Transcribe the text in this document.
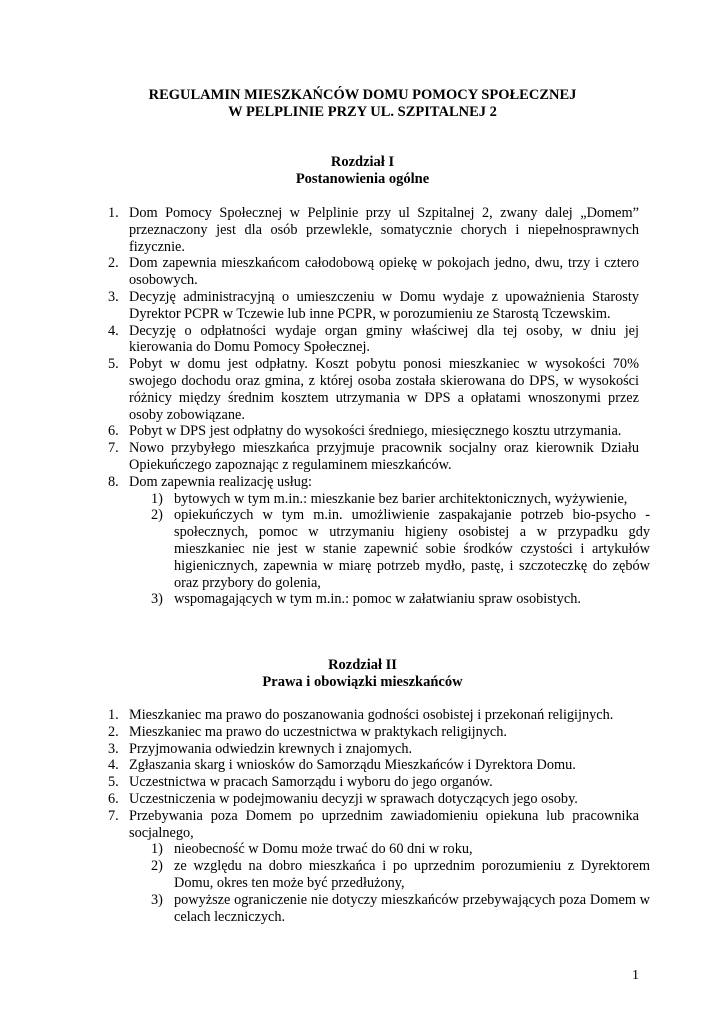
REGULAMIN MIESZKAŃCÓW DOMU POMOCY SPOŁECZNEJ
W PELPLINIE PRZY UL. SZPITALNEJ 2
Rozdział I
Postanowienia ogólne
1. Dom Pomocy Społecznej w Pelplinie przy ul Szpitalnej 2, zwany dalej „Domem” przeznaczony jest dla osób przewlekle, somatycznie chorych i niepełnosprawnych fizycznie.
2. Dom zapewnia mieszkańcom całodobową opiekę w pokojach jedno, dwu, trzy i cztero osobowych.
3. Decyzję administracyjną o umieszczeniu w Domu wydaje z upoważnienia Starosty Dyrektor PCPR w Tczewie lub inne PCPR, w porozumieniu ze Starostą Tczewskim.
4. Decyzję o odpłatności wydaje organ gminy właściwej dla tej osoby, w dniu jej kierowania do Domu Pomocy Społecznej.
5. Pobyt w domu jest odpłatny. Koszt pobytu ponosi mieszkaniec w wysokości 70% swojego dochodu oraz gmina, z której osoba została skierowana do DPS, w wysokości różnicy między średnim kosztem utrzymania w DPS a opłatami wnoszonymi przez osoby zobowiązane.
6. Pobyt w DPS jest odpłatny do wysokości średniego, miesięcznego kosztu utrzymania.
7. Nowo przybyłego mieszkańca przyjmuje pracownik socjalny oraz kierownik Działu Opiekuńczego zapoznając z regulaminem mieszkańców.
8. Dom zapewnia realizację usług:
1) bytowych w tym m.in.: mieszkanie bez barier architektonicznych, wyżywienie,
2) opiekuńczych w tym m.in. umożliwienie zaspakajanie potrzeb bio-psycho -społecznych, pomoc w utrzymaniu higieny osobistej a w przypadku gdy mieszkaniec nie jest w stanie zapewnić sobie środków czystości i artykułów higienicznych, zapewnia w miarę potrzeb mydło, pastę, i szczoteczkę do zębów oraz przybory do golenia,
3) wspomagających w tym m.in.: pomoc w załatwianiu spraw osobistych.
Rozdział II
Prawa i obowiązki mieszkańców
1. Mieszkaniec ma prawo do poszanowania godności osobistej i przekonań religijnych.
2. Mieszkaniec ma prawo do uczestnictwa w praktykach religijnych.
3. Przyjmowania odwiedzin krewnych i znajomych.
4. Zgłaszania skarg i wniosków do Samorządu Mieszkańców i Dyrektora Domu.
5. Uczestnictwa w pracach Samorządu i wyboru do jego organów.
6. Uczestniczenia w podejmowaniu decyzji w sprawach dotyczących jego osoby.
7. Przebywania poza Domem po uprzednim zawiadomieniu opiekuna lub pracownika socjalnego,
1) nieobecność w Domu może trwać do 60 dni w roku,
2) ze względu na dobro mieszkańca i po uprzednim porozumieniu z Dyrektorem Domu, okres ten może być przedłużony,
3) powyższe ograniczenie nie dotyczy mieszkańców przebywających poza Domem w celach leczniczych.
1
